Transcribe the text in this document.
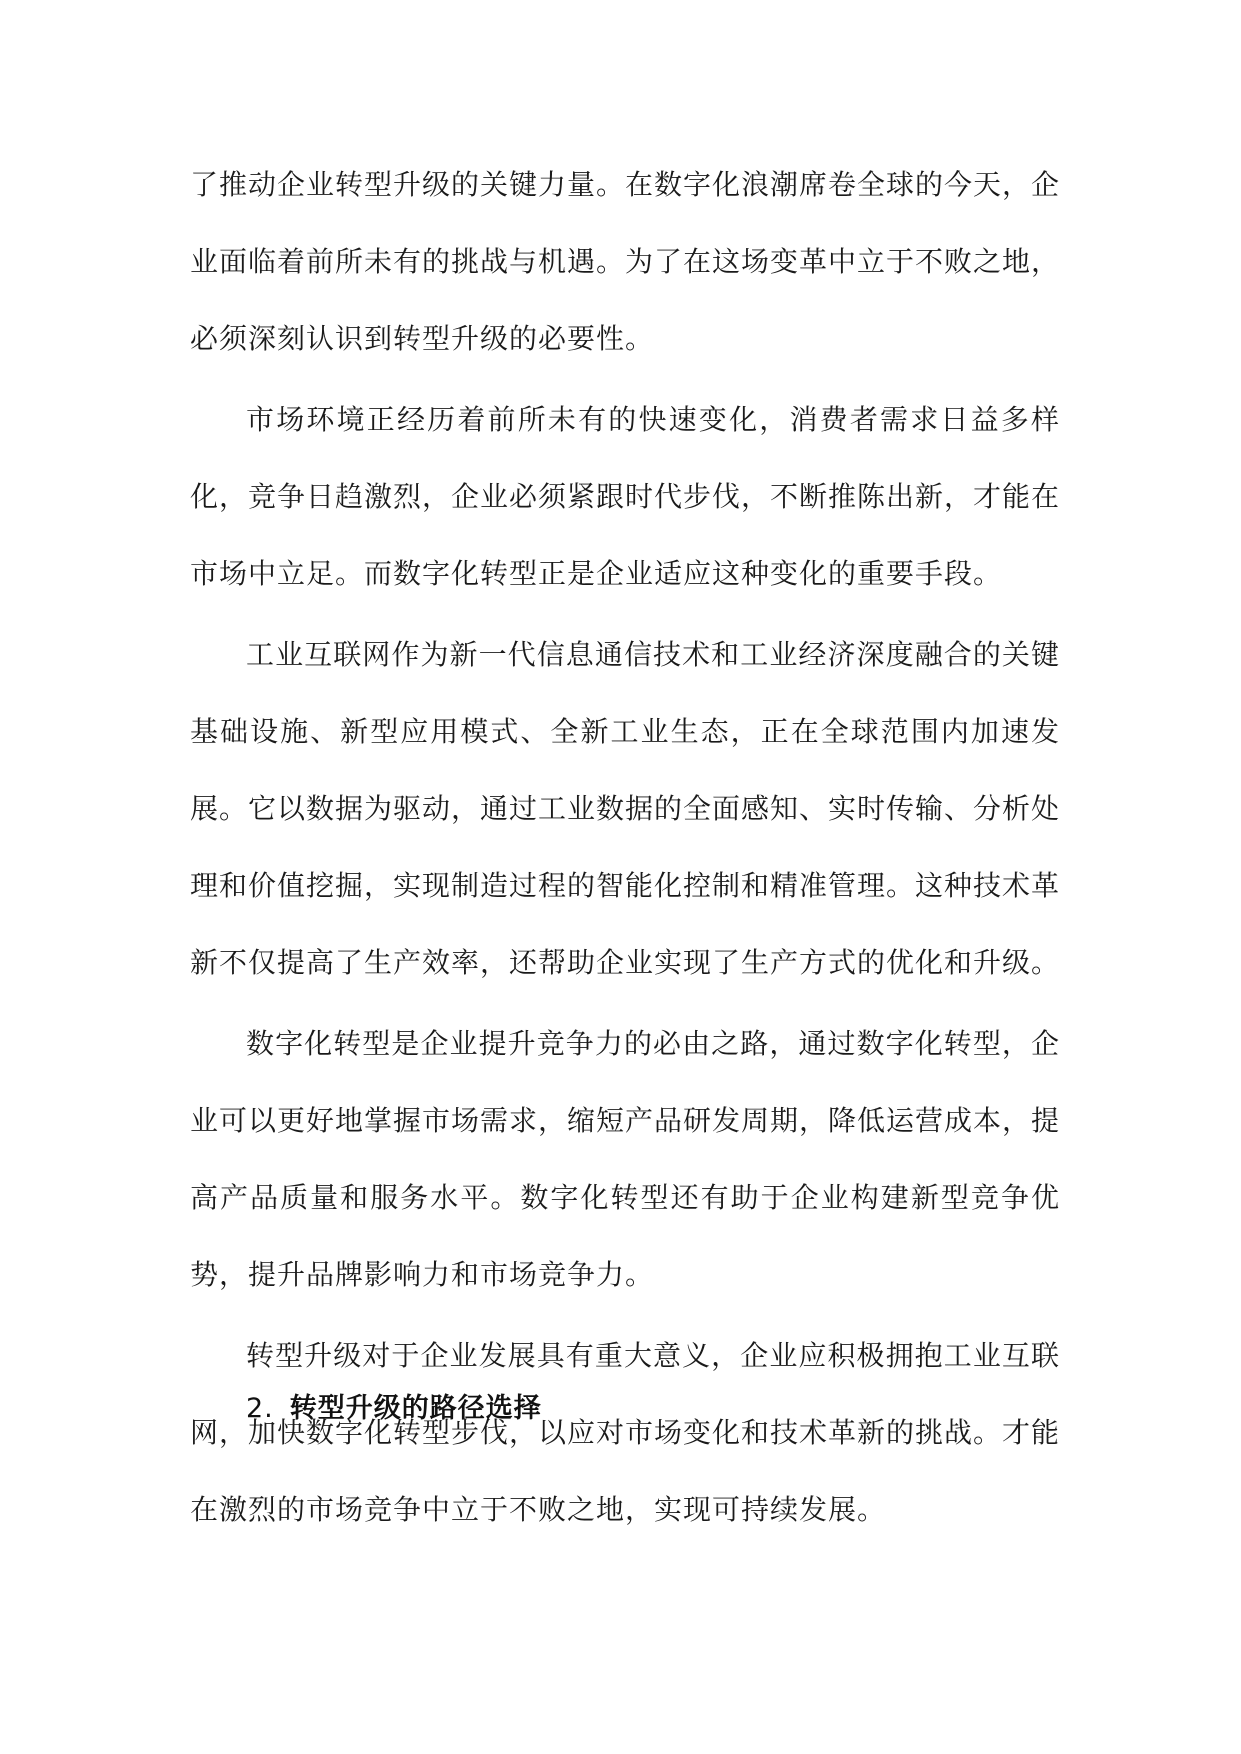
了推动企业转型升级的关键力量。在数字化浪潮席卷全球的今天，企业面临着前所未有的挑战与机遇。为了在这场变革中立于不败之地，必须深刻认识到转型升级的必要性。

市场环境正经历着前所未有的快速变化，消费者需求日益多样化，竞争日趋激烈，企业必须紧跟时代步伐，不断推陈出新，才能在市场中立足。而数字化转型正是企业适应这种变化的重要手段。

工业互联网作为新一代信息通信技术和工业经济深度融合的关键基础设施、新型应用模式、全新工业生态，正在全球范围内加速发展。它以数据为驱动，通过工业数据的全面感知、实时传输、分析处理和价值挖掘，实现制造过程的智能化控制和精准管理。这种技术革新不仅提高了生产效率，还帮助企业实现了生产方式的优化和升级。

数字化转型是企业提升竞争力的必由之路，通过数字化转型，企业可以更好地掌握市场需求，缩短产品研发周期，降低运营成本，提高产品质量和服务水平。数字化转型还有助于企业构建新型竞争优势，提升品牌影响力和市场竞争力。

转型升级对于企业发展具有重大意义，企业应积极拥抱工业互联网，加快数字化转型步伐，以应对市场变化和技术革新的挑战。才能在激烈的市场竞争中立于不败之地，实现可持续发展。

2. 转型升级的路径选择
